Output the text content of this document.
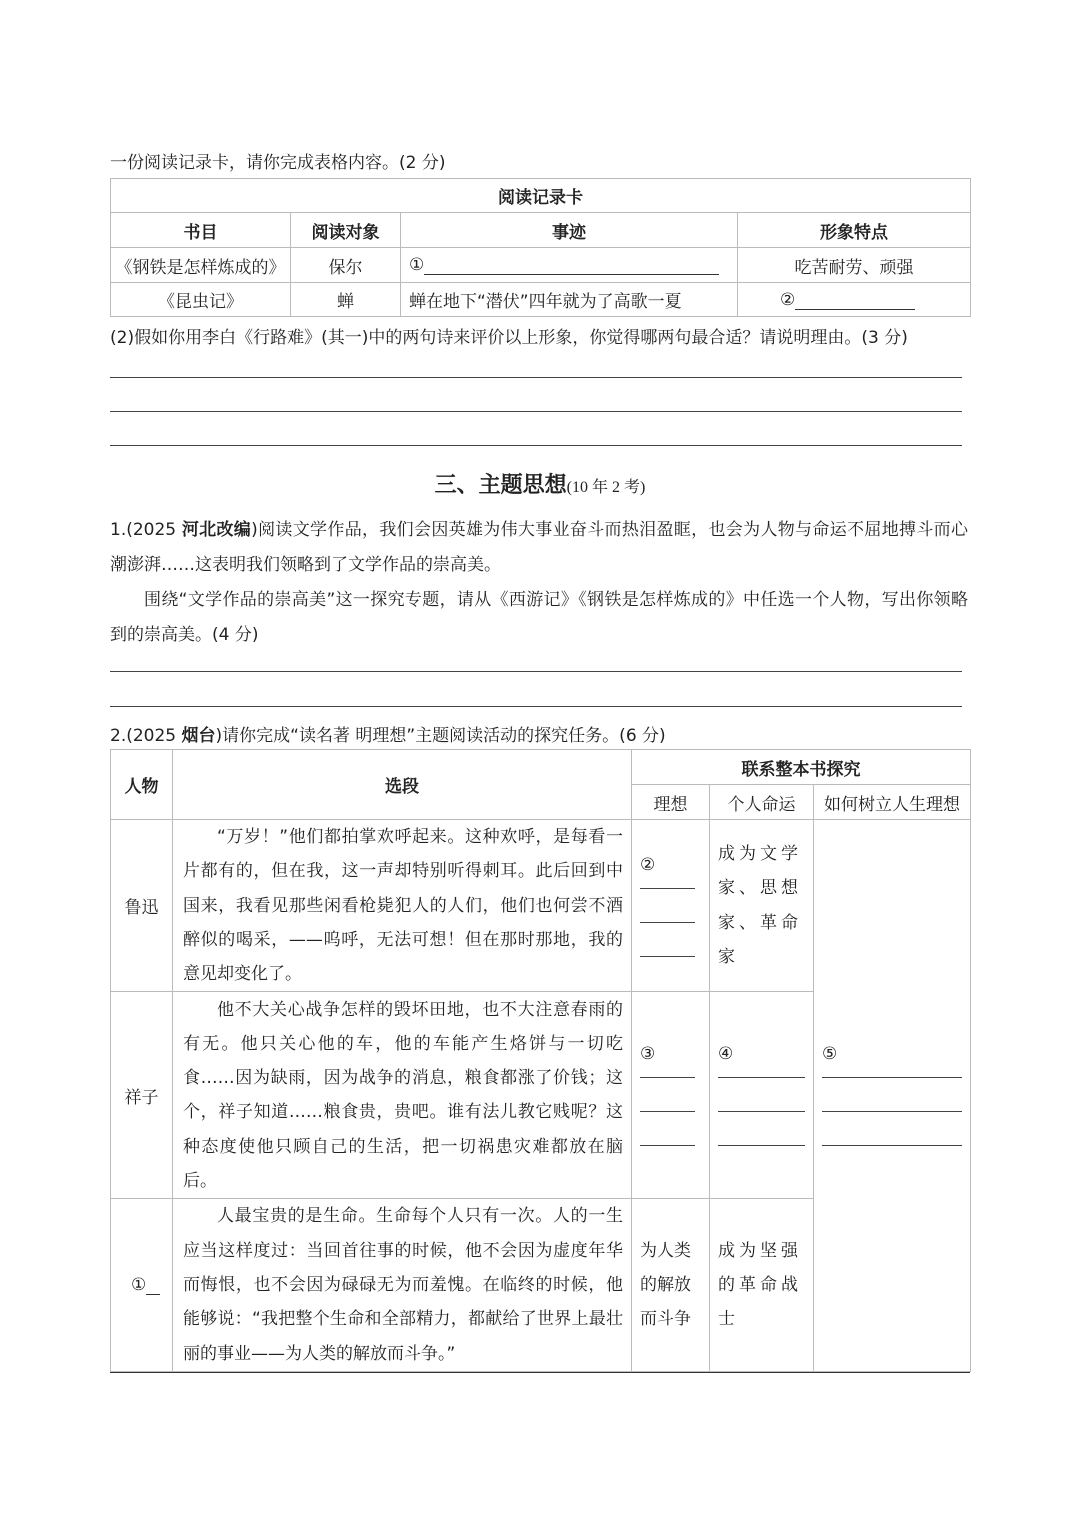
一份阅读记录卡，请你完成表格内容。(2 分)
阅读记录卡			
书目	阅读对象	事迹	形象特点
《钢铁是怎样炼成的》	保尔	①	吃苦耐劳、顽强
《昆虫记》	蝉	蝉在地下“潜伏”四年就为了高歌一夏	②
(2)假如你用李白《行路难》(其一)中的两句诗来评价以上形象，你觉得哪两句最合适？请说明理由。(3 分)
三、主题思想(10 年 2 考)
1.(2025 河北改编)阅读文学作品，我们会因英雄为伟大事业奋斗而热泪盈眶，也会为人物与命运不屈地搏斗而心潮澎湃……这表明我们领略到了文学作品的崇高美。
围绕“文学作品的崇高美”这一探究专题，请从《西游记》《钢铁是怎样炼成的》中任选一个人物，写出你领略到的崇高美。(4 分)
2.(2025 烟台)请你完成“读名著 明理想”主题阅读活动的探究任务。(6 分)
人物	选段	联系整本书探究		
		理想	个人命运	如何树立人生理想
鲁迅	“万岁！”他们都拍掌欢呼起来。这种欢呼，是每看一片都有的，但在我，这一声却特别听得刺耳。此后回到中国来，我看见那些闲看枪毙犯人的人们，他们也何尝不酒醉似的喝采，——呜呼，无法可想！但在那时那地，我的意见却变化了。	②	成为文学家、思想家、革命家	⑤

祥子	他不大关心战争怎样的毁坏田地，也不大注意春雨的有无。他只关心他的车，他的车能产生烙饼与一切吃食……因为缺雨，因为战争的消息，粮食都涨了价钱；这个，祥子知道……粮食贵，贵吧。谁有法儿教它贱呢？这种态度使他只顾自己的生活，把一切祸患灾难都放在脑后。	③	④	

①	人最宝贵的是生命。生命每个人只有一次。人的一生应当这样度过：当回首往事的时候，他不会因为虚度年华而悔恨，也不会因为碌碌无为而羞愧。在临终的时候，他能够说：“我把整个生命和全部精力，都献给了世界上最壮丽的事业——为人类的解放而斗争。”	为人类的解放而斗争	成为坚强的革命战士	
